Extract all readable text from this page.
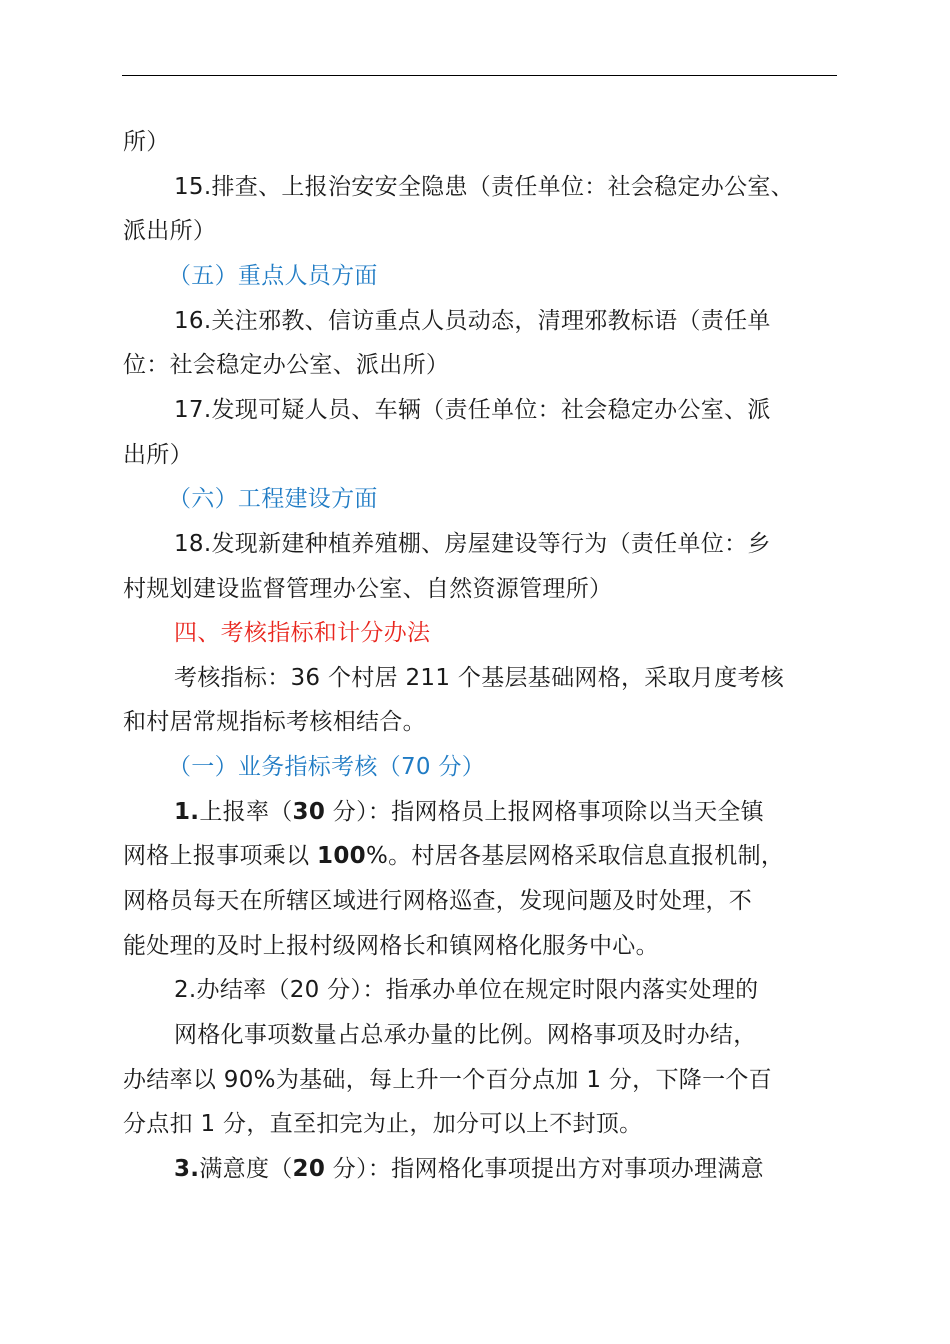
所）
15.排查、上报治安安全隐患（责任单位：社会稳定办公室、
派出所）
（五）重点人员方面
16.关注邪教、信访重点人员动态，清理邪教标语（责任单
位：社会稳定办公室、派出所）
17.发现可疑人员、车辆（责任单位：社会稳定办公室、派
出所）
（六）工程建设方面
18.发现新建种植养殖棚、房屋建设等行为（责任单位：乡
村规划建设监督管理办公室、自然资源管理所）
四、考核指标和计分办法
考核指标：36 个村居 211 个基层基础网格，采取月度考核
和村居常规指标考核相结合。
（一）业务指标考核（70 分）
1.上报率（30 分）：指网格员上报网格事项除以当天全镇
网格上报事项乘以 100%。村居各基层网格采取信息直报机制，
网格员每天在所辖区域进行网格巡查，发现问题及时处理，不
能处理的及时上报村级网格长和镇网格化服务中心。
2.办结率（20 分）：指承办单位在规定时限内落实处理的
网格化事项数量占总承办量的比例。网格事项及时办结，
办结率以 90%为基础，每上升一个百分点加 1 分，下降一个百
分点扣 1 分，直至扣完为止，加分可以上不封顶。
3.满意度（20 分）：指网格化事项提出方对事项办理满意
